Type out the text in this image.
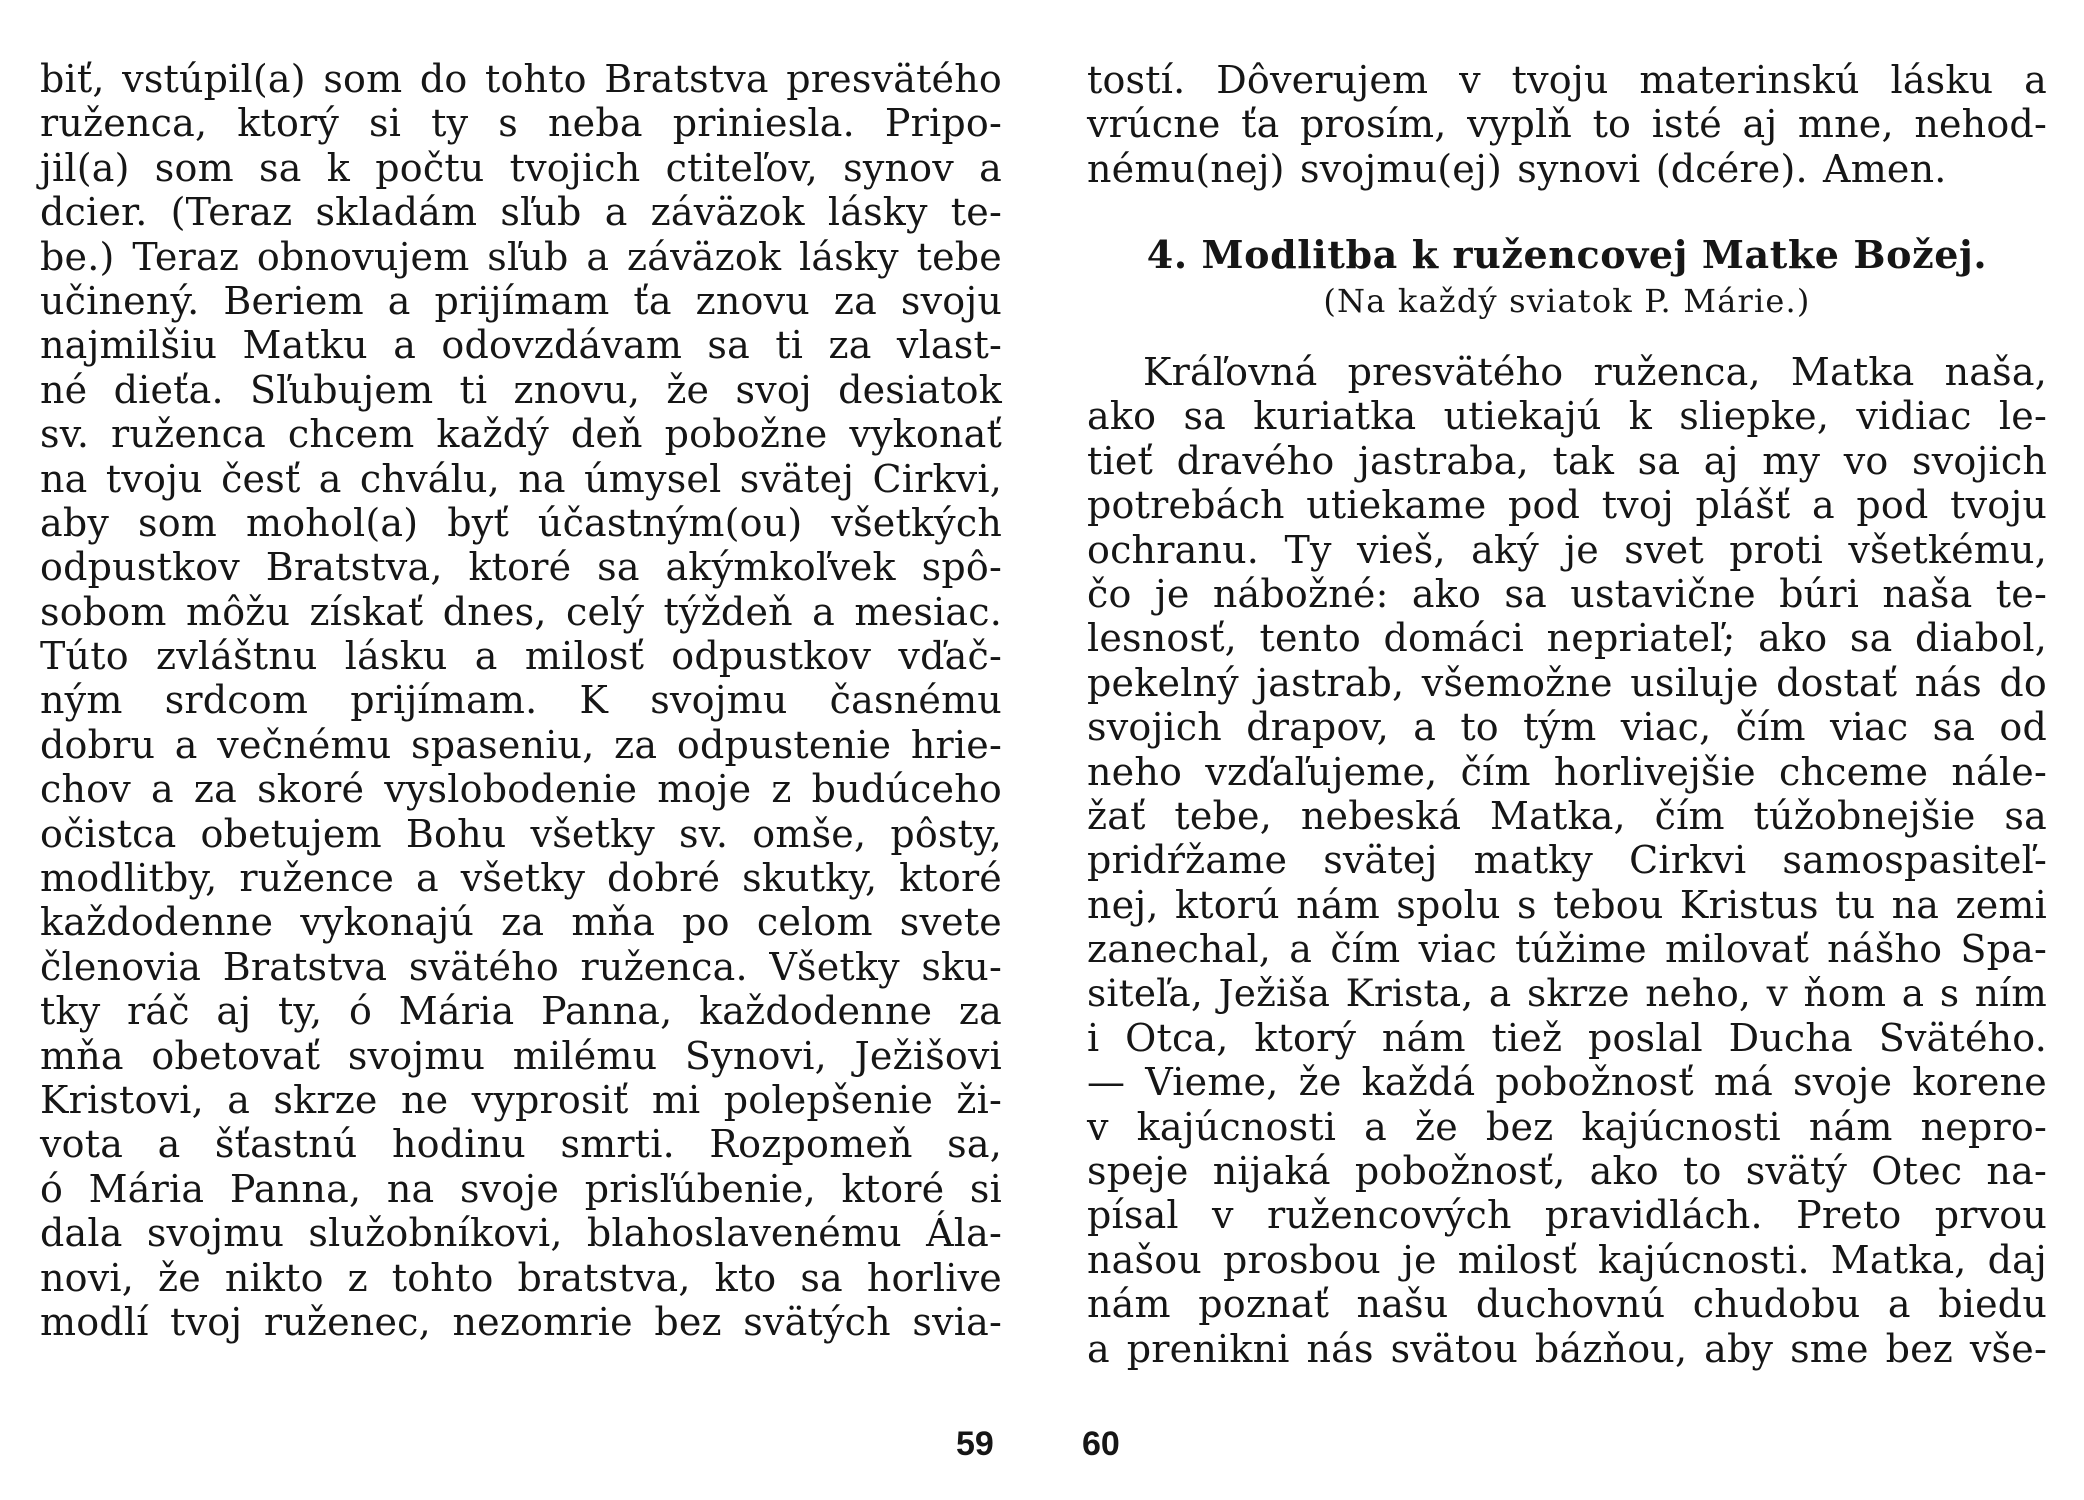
biť, vstúpil(a) som do tohto Bratstva presvätého
ruženca, ktorý si ty s neba priniesla. Pripo-
jil(a) som sa k počtu tvojich ctiteľov, synov a
dcier. (Teraz skladám sľub a záväzok lásky te-
be.) Teraz obnovujem sľub a záväzok lásky tebe
učinený. Beriem a prijímam ťa znovu za svoju
najmilšiu Matku a odovzdávam sa ti za vlast-
né dieťa. Sľubujem ti znovu, že svoj desiatok
sv. ruženca chcem každý deň pobožne vykonať
na tvoju česť a chválu, na úmysel svätej Cirkvi,
aby som mohol(a) byť účastným(ou) všetkých
odpustkov Bratstva, ktoré sa akýmkoľvek spô-
sobom môžu získať dnes, celý týždeň a mesiac.
Túto zvláštnu lásku a milosť odpustkov vďač-
ným srdcom prijímam. K svojmu časnému
dobru a večnému spaseniu, za odpustenie hrie-
chov a za skoré vyslobodenie moje z budúceho
očistca obetujem Bohu všetky sv. omše, pôsty,
modlitby, ružence a všetky dobré skutky, ktoré
každodenne vykonajú za mňa po celom svete
členovia Bratstva svätého ruženca. Všetky sku-
tky ráč aj ty, ó Mária Panna, každodenne za
mňa obetovať svojmu milému Synovi, Ježišovi
Kristovi, a skrze ne vyprosiť mi polepšenie ži-
vota a šťastnú hodinu smrti. Rozpomeň sa,
ó Mária Panna, na svoje prisľúbenie, ktoré si
dala svojmu služobníkovi, blahoslavenému Ála-
novi, že nikto z tohto bratstva, kto sa horlive
modlí tvoj ruženec, nezomrie bez svätých svia-
59
tostí. Dôverujem v tvoju materinskú lásku a
vrúcne ťa prosím, vyplň to isté aj mne, nehod-
nému(nej) svojmu(ej) synovi (dcére). Amen.
4. Modlitba k ružencovej Matke Božej.
(Na každý sviatok P. Márie.)
Kráľovná presvätého ruženca, Matka naša,
ako sa kuriatka utiekajú k sliepke, vidiac le-
tieť dravého jastraba, tak sa aj my vo svojich
potrebách utiekame pod tvoj plášť a pod tvoju
ochranu. Ty vieš, aký je svet proti všetkému,
čo je nábožné: ako sa ustavične búri naša te-
lesnosť, tento domáci nepriateľ; ako sa diabol,
pekelný jastrab, všemožne usiluje dostať nás do
svojich drapov, a to tým viac, čím viac sa od
neho vzďaľujeme, čím horlivejšie chceme nále-
žať tebe, nebeská Matka, čím túžobnejšie sa
pridŕžame svätej matky Cirkvi samospasiteľ-
nej, ktorú nám spolu s tebou Kristus tu na zemi
zanechal, a čím viac túžime milovať nášho Spa-
siteľa, Ježiša Krista, a skrze neho, v ňom a s ním
i Otca, ktorý nám tiež poslal Ducha Svätého.
— Vieme, že každá pobožnosť má svoje korene
v kajúcnosti a že bez kajúcnosti nám nepro-
speje nijaká pobožnosť, ako to svätý Otec na-
písal v ružencových pravidlách. Preto prvou
našou prosbou je milosť kajúcnosti. Matka, daj
nám poznať našu duchovnú chudobu a biedu
a prenikni nás svätou bázňou, aby sme bez vše-
60
